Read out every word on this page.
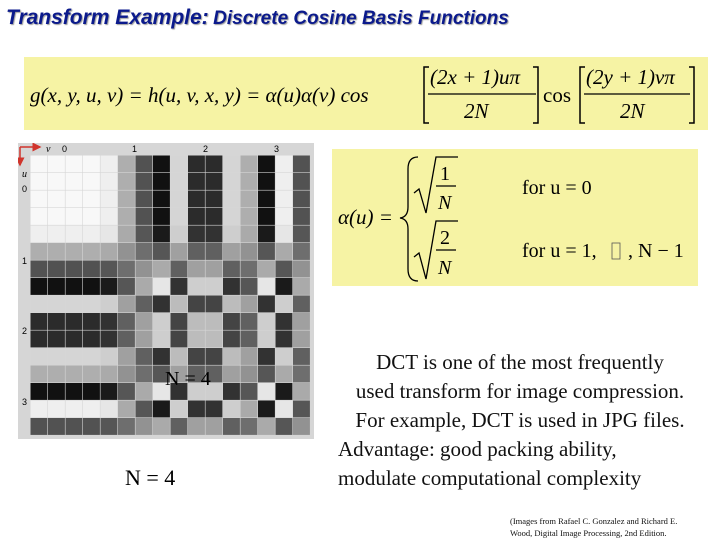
Transform Example: Discrete Cosine Basis Functions
g(x, y, u, v) = h(u, v, x, y) = α(u)α(v) cos
(2x + 1)uπ
2N
cos
(2y + 1)vπ
2N
α(u) =
1
N
for u = 0
2
N
for u = 1, , N − 1
v
u
0	1	2	3
0
1
2
3
N = 4
N = 4
DCT is one of the most frequently
used transform for image compression.
For example, DCT is used in JPG files.
Advantage: good packing ability,
modulate computational complexity
(Images from Rafael C. Gonzalez and Richard E.
Wood, Digital Image Processing, 2nd Edition.
